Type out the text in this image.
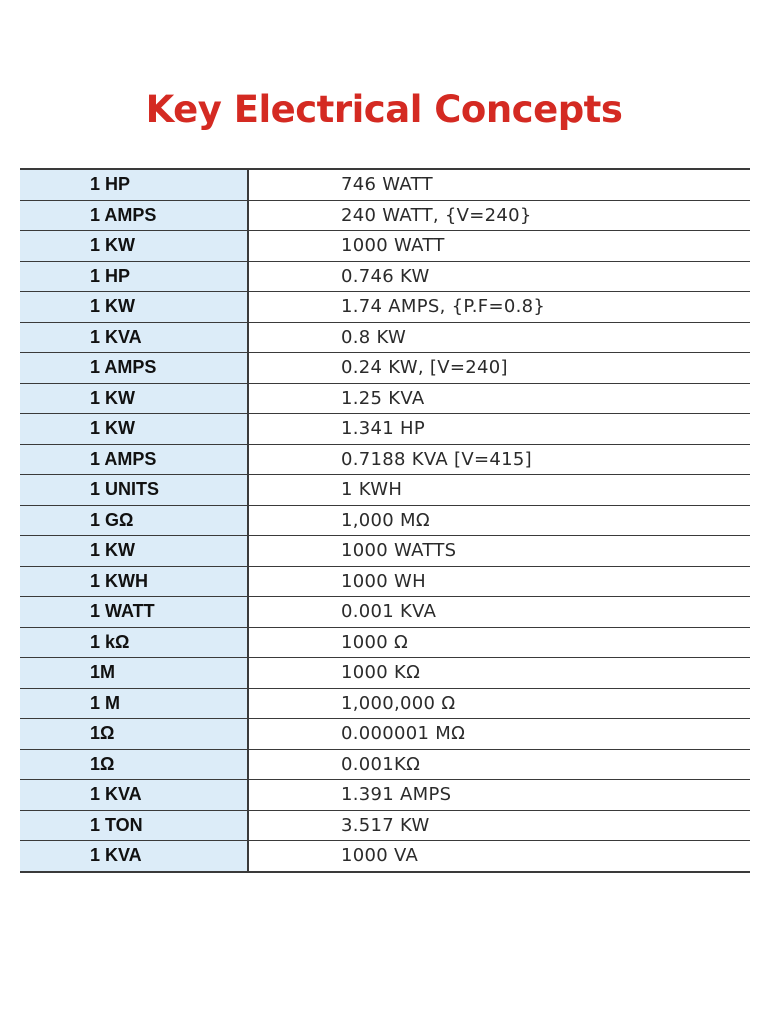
Key Electrical Concepts
1 HP	746 WATT
1 AMPS	240 WATT, {V=240}
1 KW	1000 WATT
1 HP	0.746 KW
1 KW	1.74 AMPS, {P.F=0.8}
1 KVA	0.8 KW
1 AMPS	0.24 KW, [V=240]
1 KW	1.25 KVA
1 KW	1.341 HP
1 AMPS	0.7188 KVA [V=415]
1 UNITS	1 KWH
1 GΩ	1,000 MΩ
1 KW	1000 WATTS
1 KWH	1000 WH
1 WATT	0.001 KVA
1 kΩ	1000 Ω
1M	1000 KΩ
1 M	1,000,000 Ω
1Ω	0.000001 MΩ
1Ω	0.001KΩ
1 KVA	1.391 AMPS
1 TON	3.517 KW
1 KVA	1000 VA
